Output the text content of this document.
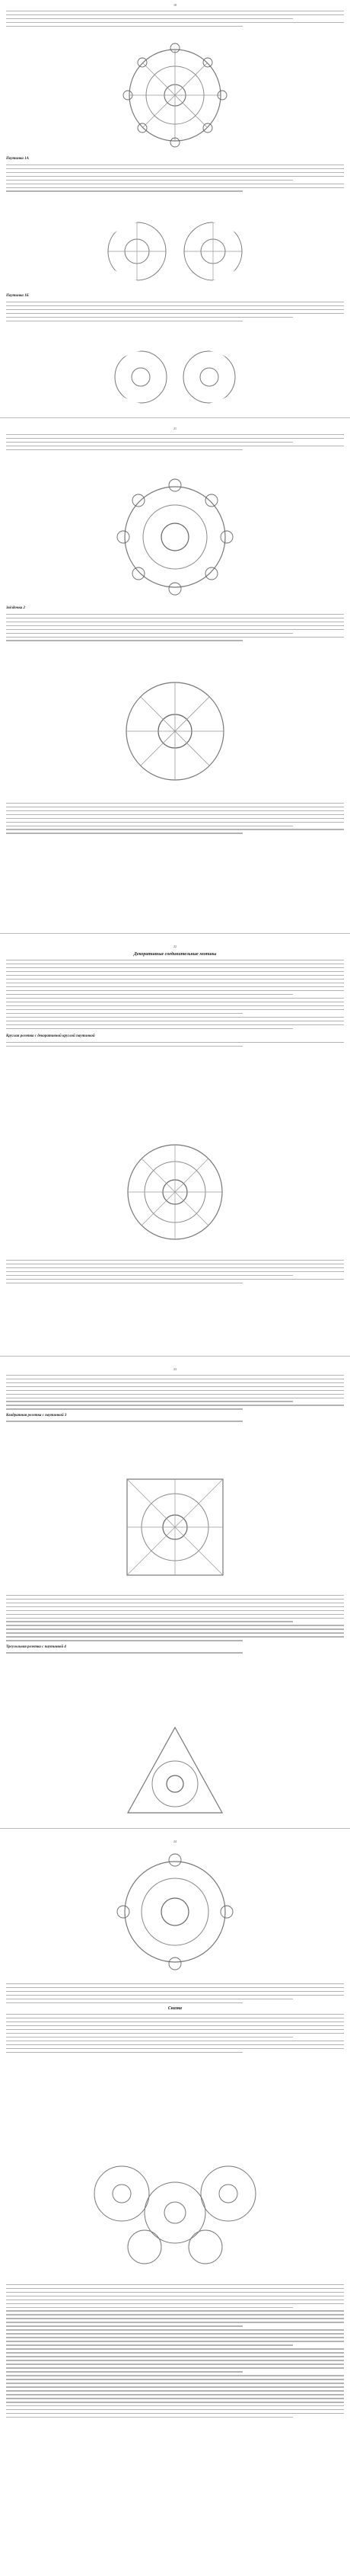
18
Паутинка 1А
Паутинка 1Б
21
Звёздочка 2
22
Декоративные соединительные мотивы
Круглая розетка с декоративной круглой паутинкой
23
Квадратная розетка с паутинкой 3
Треугольная розетка с паутинкой 4
24
Сказка
